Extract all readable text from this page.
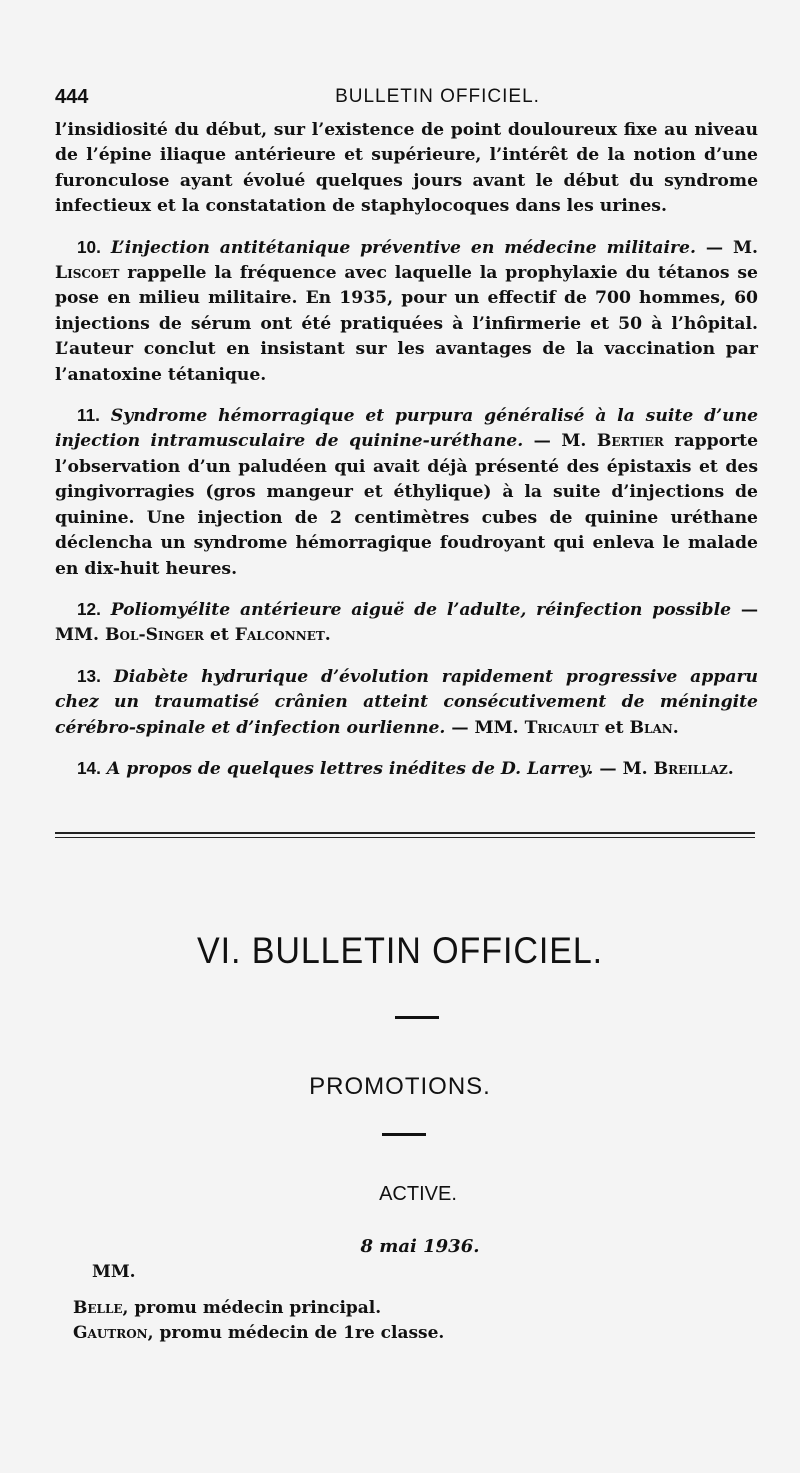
444	BULLETIN OFFICIEL.

l’insidiosité du début, sur l’existence de point douloureux fixe au niveau de l’épine iliaque antérieure et supérieure, l’intérêt de la notion d’une furonculose ayant évolué quelques jours avant le début du syndrome infectieux et la constatation de staphylocoques dans les urines.

10. L’injection antitétanique préventive en médecine militaire. — M. Liscoet rappelle la fréquence avec laquelle la prophylaxie du tétanos se pose en milieu militaire. En 1935, pour un effectif de 700 hommes, 60 injections de sérum ont été pratiquées à l’infirmerie et 50 à l’hôpital. L’auteur conclut en insistant sur les avantages de la vaccination par l’anatoxine tétanique.

11. Syndrome hémorragique et purpura généralisé à la suite d’une injection intramusculaire de quinine-uréthane. — M. Bertier rapporte l’observation d’un paludéen qui avait déjà présenté des épistaxis et des gingivorragies (gros mangeur et éthylique) à la suite d’injections de quinine. Une injection de 2 centimètres cubes de quinine uréthane déclencha un syndrome hémorragique foudroyant qui enleva le malade en dix-huit heures.

12. Poliomyélite antérieure aiguë de l’adulte, réinfection possible — MM. Bol-Singer et Falconnet.

13. Diabète hydrurique d’évolution rapidement progressive apparu chez un traumatisé crânien atteint consécutivement de méningite cérébro-spinale et d’infection ourlienne. — MM. Tricault et Blan.

14. A propos de quelques lettres inédites de D. Larrey. — M. Breillaz.

VI. BULLETIN OFFICIEL.
PROMOTIONS.
ACTIVE.
8 mai 1936.
MM.
Belle, promu médecin principal.
Gautron, promu médecin de 1re classe.
